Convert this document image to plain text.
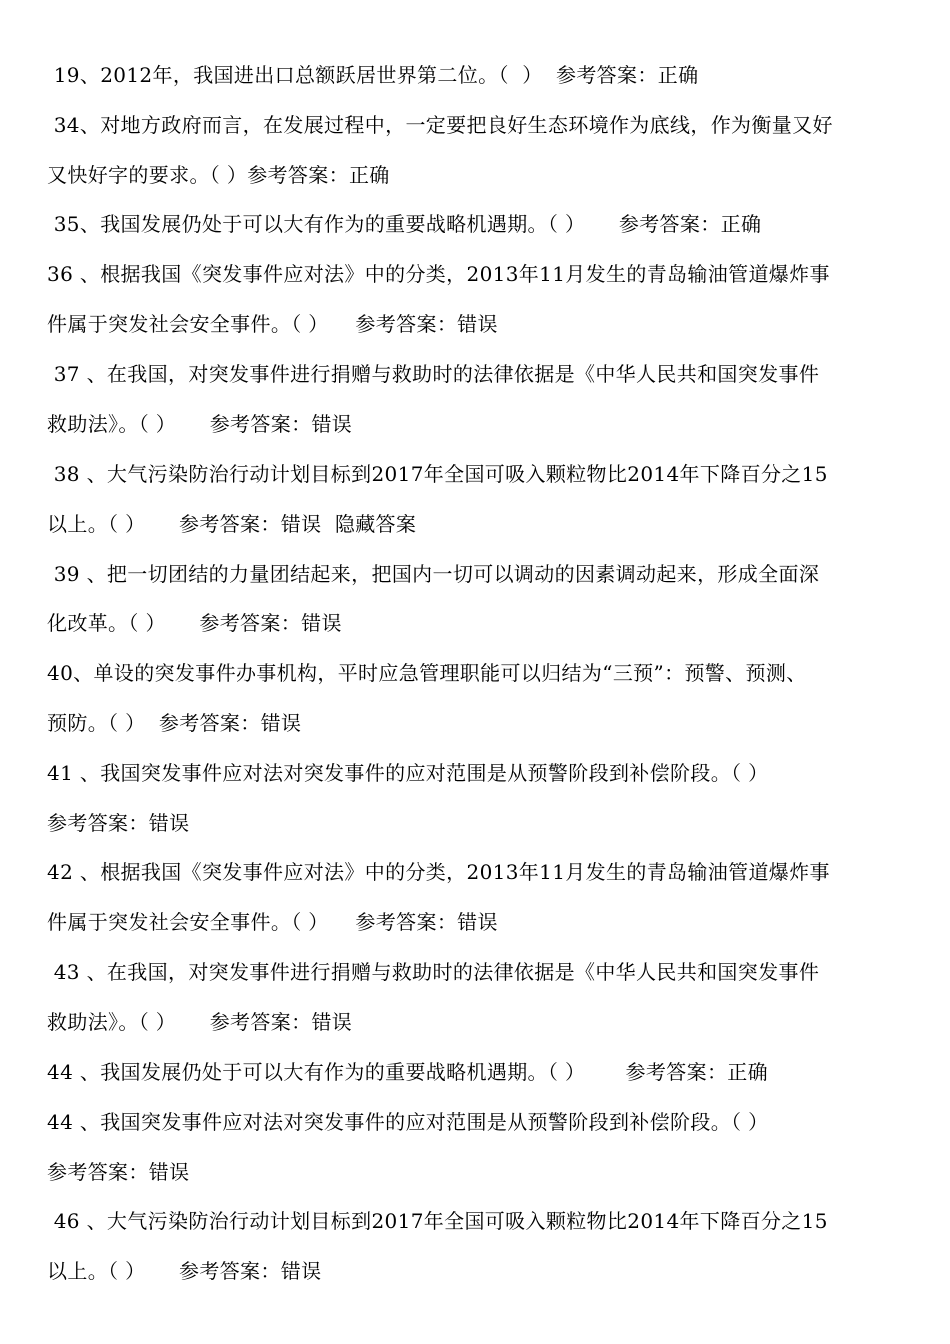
19、2012年，我国进出口总额跃居世界第二位。（  ）  参考答案：正确
34、对地方政府而言，在发展过程中，一定要把良好生态环境作为底线，作为衡量又好
又快好字的要求。（ ）参考答案：正确
35、我国发展仍处于可以大有作为的重要战略机遇期。（ ）     参考答案：正确
36 、根据我国《突发事件应对法》中的分类，2013年11月发生的青岛输油管道爆炸事
件属于突发社会安全事件。（ ）    参考答案：错误
37 、在我国，对突发事件进行捐赠与救助时的法律依据是《中华人民共和国突发事件
救助法》。（ ）     参考答案：错误
38 、大气污染防治行动计划目标到2017年全国可吸入颗粒物比2014年下降百分之15
以上。（ ）     参考答案：错误  隐藏答案
39 、把一切团结的力量团结起来，把国内一切可以调动的因素调动起来，形成全面深
化改革。（ ）     参考答案：错误
40、单设的突发事件办事机构，平时应急管理职能可以归结为“三预”：预警、预测、
预防。（ ）  参考答案：错误
41 、我国突发事件应对法对突发事件的应对范围是从预警阶段到补偿阶段。（ ）
参考答案：错误
42 、根据我国《突发事件应对法》中的分类，2013年11月发生的青岛输油管道爆炸事
件属于突发社会安全事件。（ ）    参考答案：错误
43 、在我国，对突发事件进行捐赠与救助时的法律依据是《中华人民共和国突发事件
救助法》。（ ）     参考答案：错误
44 、我国发展仍处于可以大有作为的重要战略机遇期。（ ）      参考答案：正确
44 、我国突发事件应对法对突发事件的应对范围是从预警阶段到补偿阶段。（ ）
参考答案：错误
46 、大气污染防治行动计划目标到2017年全国可吸入颗粒物比2014年下降百分之15
以上。（ ）     参考答案：错误
